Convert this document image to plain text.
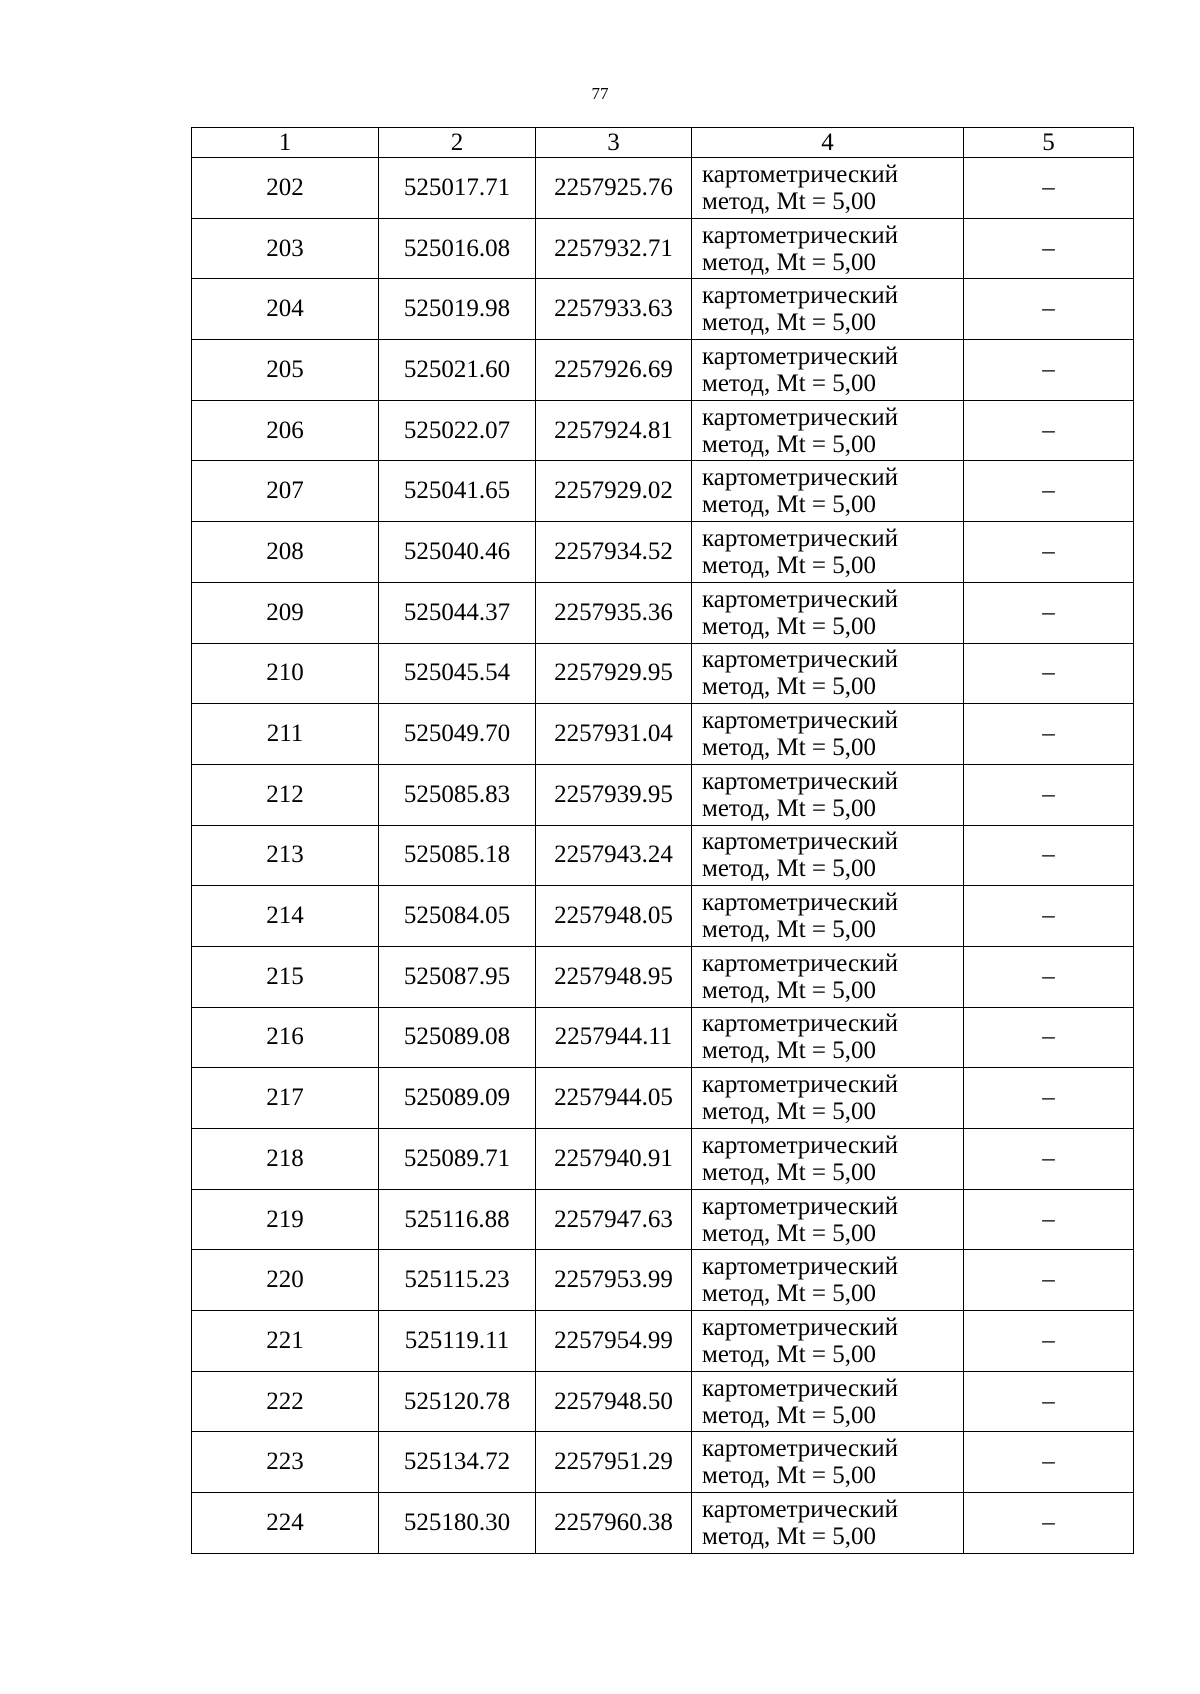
77
1	2	3	4	5
202	525017.71	2257925.76	картометрический
метод, Mt = 5,00	–
203	525016.08	2257932.71	картометрический
метод, Mt = 5,00	–
204	525019.98	2257933.63	картометрический
метод, Mt = 5,00	–
205	525021.60	2257926.69	картометрический
метод, Mt = 5,00	–
206	525022.07	2257924.81	картометрический
метод, Mt = 5,00	–
207	525041.65	2257929.02	картометрический
метод, Mt = 5,00	–
208	525040.46	2257934.52	картометрический
метод, Mt = 5,00	–
209	525044.37	2257935.36	картометрический
метод, Mt = 5,00	–
210	525045.54	2257929.95	картометрический
метод, Mt = 5,00	–
211	525049.70	2257931.04	картометрический
метод, Mt = 5,00	–
212	525085.83	2257939.95	картометрический
метод, Mt = 5,00	–
213	525085.18	2257943.24	картометрический
метод, Mt = 5,00	–
214	525084.05	2257948.05	картометрический
метод, Mt = 5,00	–
215	525087.95	2257948.95	картометрический
метод, Mt = 5,00	–
216	525089.08	2257944.11	картометрический
метод, Mt = 5,00	–
217	525089.09	2257944.05	картометрический
метод, Mt = 5,00	–
218	525089.71	2257940.91	картометрический
метод, Mt = 5,00	–
219	525116.88	2257947.63	картометрический
метод, Mt = 5,00	–
220	525115.23	2257953.99	картометрический
метод, Mt = 5,00	–
221	525119.11	2257954.99	картометрический
метод, Mt = 5,00	–
222	525120.78	2257948.50	картометрический
метод, Mt = 5,00	–
223	525134.72	2257951.29	картометрический
метод, Mt = 5,00	–
224	525180.30	2257960.38	картометрический
метод, Mt = 5,00	–
